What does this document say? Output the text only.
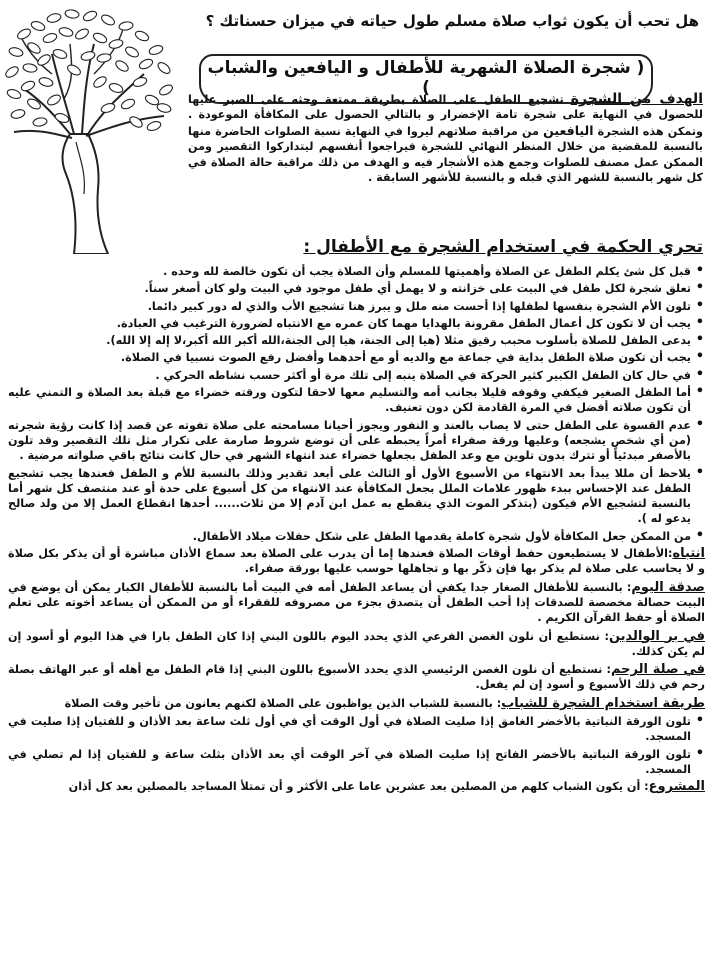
هل تحب أن يكون ثواب صلاة مسلم طول حياته في ميزان حسناتك ؟
( شجرة الصلاة الشهرية للأطفال و اليافعين والشباب )
الهدف من الشجرة تشجيع الطفل على الصلاة بطريقة ممتعة وحثه على الصبر عليها للحصول في النهاية على شجرة تامة الإخضرار و بالتالي الحصول على المكافأة الموعودة . وتمكن هذه الشجرة اليافعين من مراقبة صلاتهم ليروا في النهاية نسبة الصلوات الحاضرة منها بالنسبة للمقضية من خلال المنظر النهائي للشجرة فيراجعوا أنفسهم ليتداركوا التقصير ومن الممكن عمل مصنف للصلوات وجمع هذه الأشجار فيه و الهدف من ذلك مراقبة حالة الصلاة في كل شهر بالنسبة للشهر الذي قبله و بالنسبة للأشهر السابقة .
تحري الحكمة في استخدام الشجرة مع الأطفال :
• قبل كل شئ يكلم الطفل عن الصلاة وأهميتها للمسلم وأن الصلاة يجب أن تكون خالصة لله وحده .
• تعلق شجرة لكل طفل في البيت على خزانته و لا يهمل أي طفل موجود في البيت ولو كان أصغر سناً.
• تلون الأم الشجرة بنفسها لطفلها إذا أحست منه ملل و يبرز هنا تشجيع الأب والذي له دور كبير دائما.
• يجب أن لا تكون كل أعمال الطفل مقرونة بالهدايا مهما كان عمره مع الانتباه لضرورة الترغيب في العبادة.
• يدعى الطفل للصلاة بأسلوب محبب رقيق مثلا (هيا إلى الجنة، هيا إلى الجنة،الله أكبر الله أكبر،لا إله إلا الله).
• يجب أن تكون صلاة الطفل بداية في جماعة مع والديه أو مع أحدهما وأفضل رفع الصوت نسبيا في الصلاة.
• في حال كان الطفل الكبير كثير الحركة في الصلاة ينبه إلى تلك مرة أو أكثر حسب نشاطه الحركي .
• أما الطفل الصغير فيكفي وقوفه قليلا بجانب أمه والتسليم معها لاحقا لتكون ورقته خضراء مع قبلة بعد الصلاة و التمني عليه أن تكون صلاته أفضل في المرة القادمة لكن دون تعنيف.
• عدم القسوة على الطفل حتى لا يصاب بالعند و النفور ويجوز أحيانا مسامحته على صلاة تفوته عن قصد إذا كانت رؤية شجرته (من أي شخص يشجعه) وعليها ورقة صفراء أمراً يحبطه على أن توضع شروط صارمة على تكرار مثل تلك التقصير وقد تلون بالأصفر مبدئياً أو تترك بدون تلوين مع وعد الطفل بجعلها خضراء عند انتهاء الشهر في حال كانت نتائج باقي صلواته مرضية .
• يلاحظ أن مللا يبدأ بعد الانتهاء من الأسبوع الأول أو الثالث على أبعد تقدير وذلك بالنسبة للأم و الطفل فعندها يجب تشجيع الطفل عند الإحساس ببدء ظهور علامات الملل بجعل المكافأة عند الانتهاء من كل أسبوع على حدة أو عند منتصف كل شهر أما بالنسبة لتشجيع الأم فيكون (بتذكر الموت الذي ينقطع به عمل ابن آدم إلا من ثلاث...... أحدها انقطاع العمل إلا من ولد صالح يدعو له ).
• من الممكن جعل المكافأة لأول شجرة كاملة يقدمها الطفل على شكل حفلات ميلاد الأطفال.

انتباه:الأطفال لا يستطيعون حفظ أوقات الصلاة فعندها إما أن يدرب على الصلاة بعد سماع الأذان مباشرة أو أن يذكر بكل صلاة و لا يحاسب على صلاة لم يذكر بها فإن ذكّر بها و تجاهلها حوسب عليها بورقة صفراء.

صدقة اليوم: بالنسبة للأطفال الصغار جدا يكفي أن يساعد الطفل أمه في البيت أما بالنسبة للأطفال الكبار يمكن أن يوضع في البيت حصالة مخصصة للصدقات إذا أحب الطفل أن يتصدق بجزء من مصروفه للفقراء أو من الممكن أن يساعد أخوته على تعلم الصلاة أو حفظ القرآن الكريم .

في بر الوالدين: نستطيع أن نلون الغصن الفرعي الذي يحدد اليوم باللون البني إذا كان الطفل بارا في هذا اليوم أو أسود إن لم يكن كذلك.

في صلة الرحم: نستطيع أن نلون الغصن الرئيسي الذي يحدد الأسبوع باللون البني إذا قام الطفل مع أهله أو عبر الهاتف بصلة رحم في ذلك الأسبوع و أسود إن لم يفعل.

طريقة استخدام الشجرة للشباب: بالنسبة للشباب الذين يواظبون على الصلاة لكنهم يعانون من تأخير وقت الصلاة

• تلون الورقة النباتية بالأخضر الغامق إذا صليت الصلاة في أول الوقت أي في أول ثلث ساعة بعد الأذان و للفتيان إذا صليت في المسجد.
• تلون الورقة النباتية بالأخضر الفاتح إذا صليت الصلاة في آخر الوقت أي بعد الأذان بثلث ساعة و للفتيان إذا لم تصلي في المسجد.

المشروع: أن يكون الشباب كلهم من المصلين بعد عشرين عاما على الأكثر و أن تمتلأ المساجد بالمصلين بعد كل أذان
